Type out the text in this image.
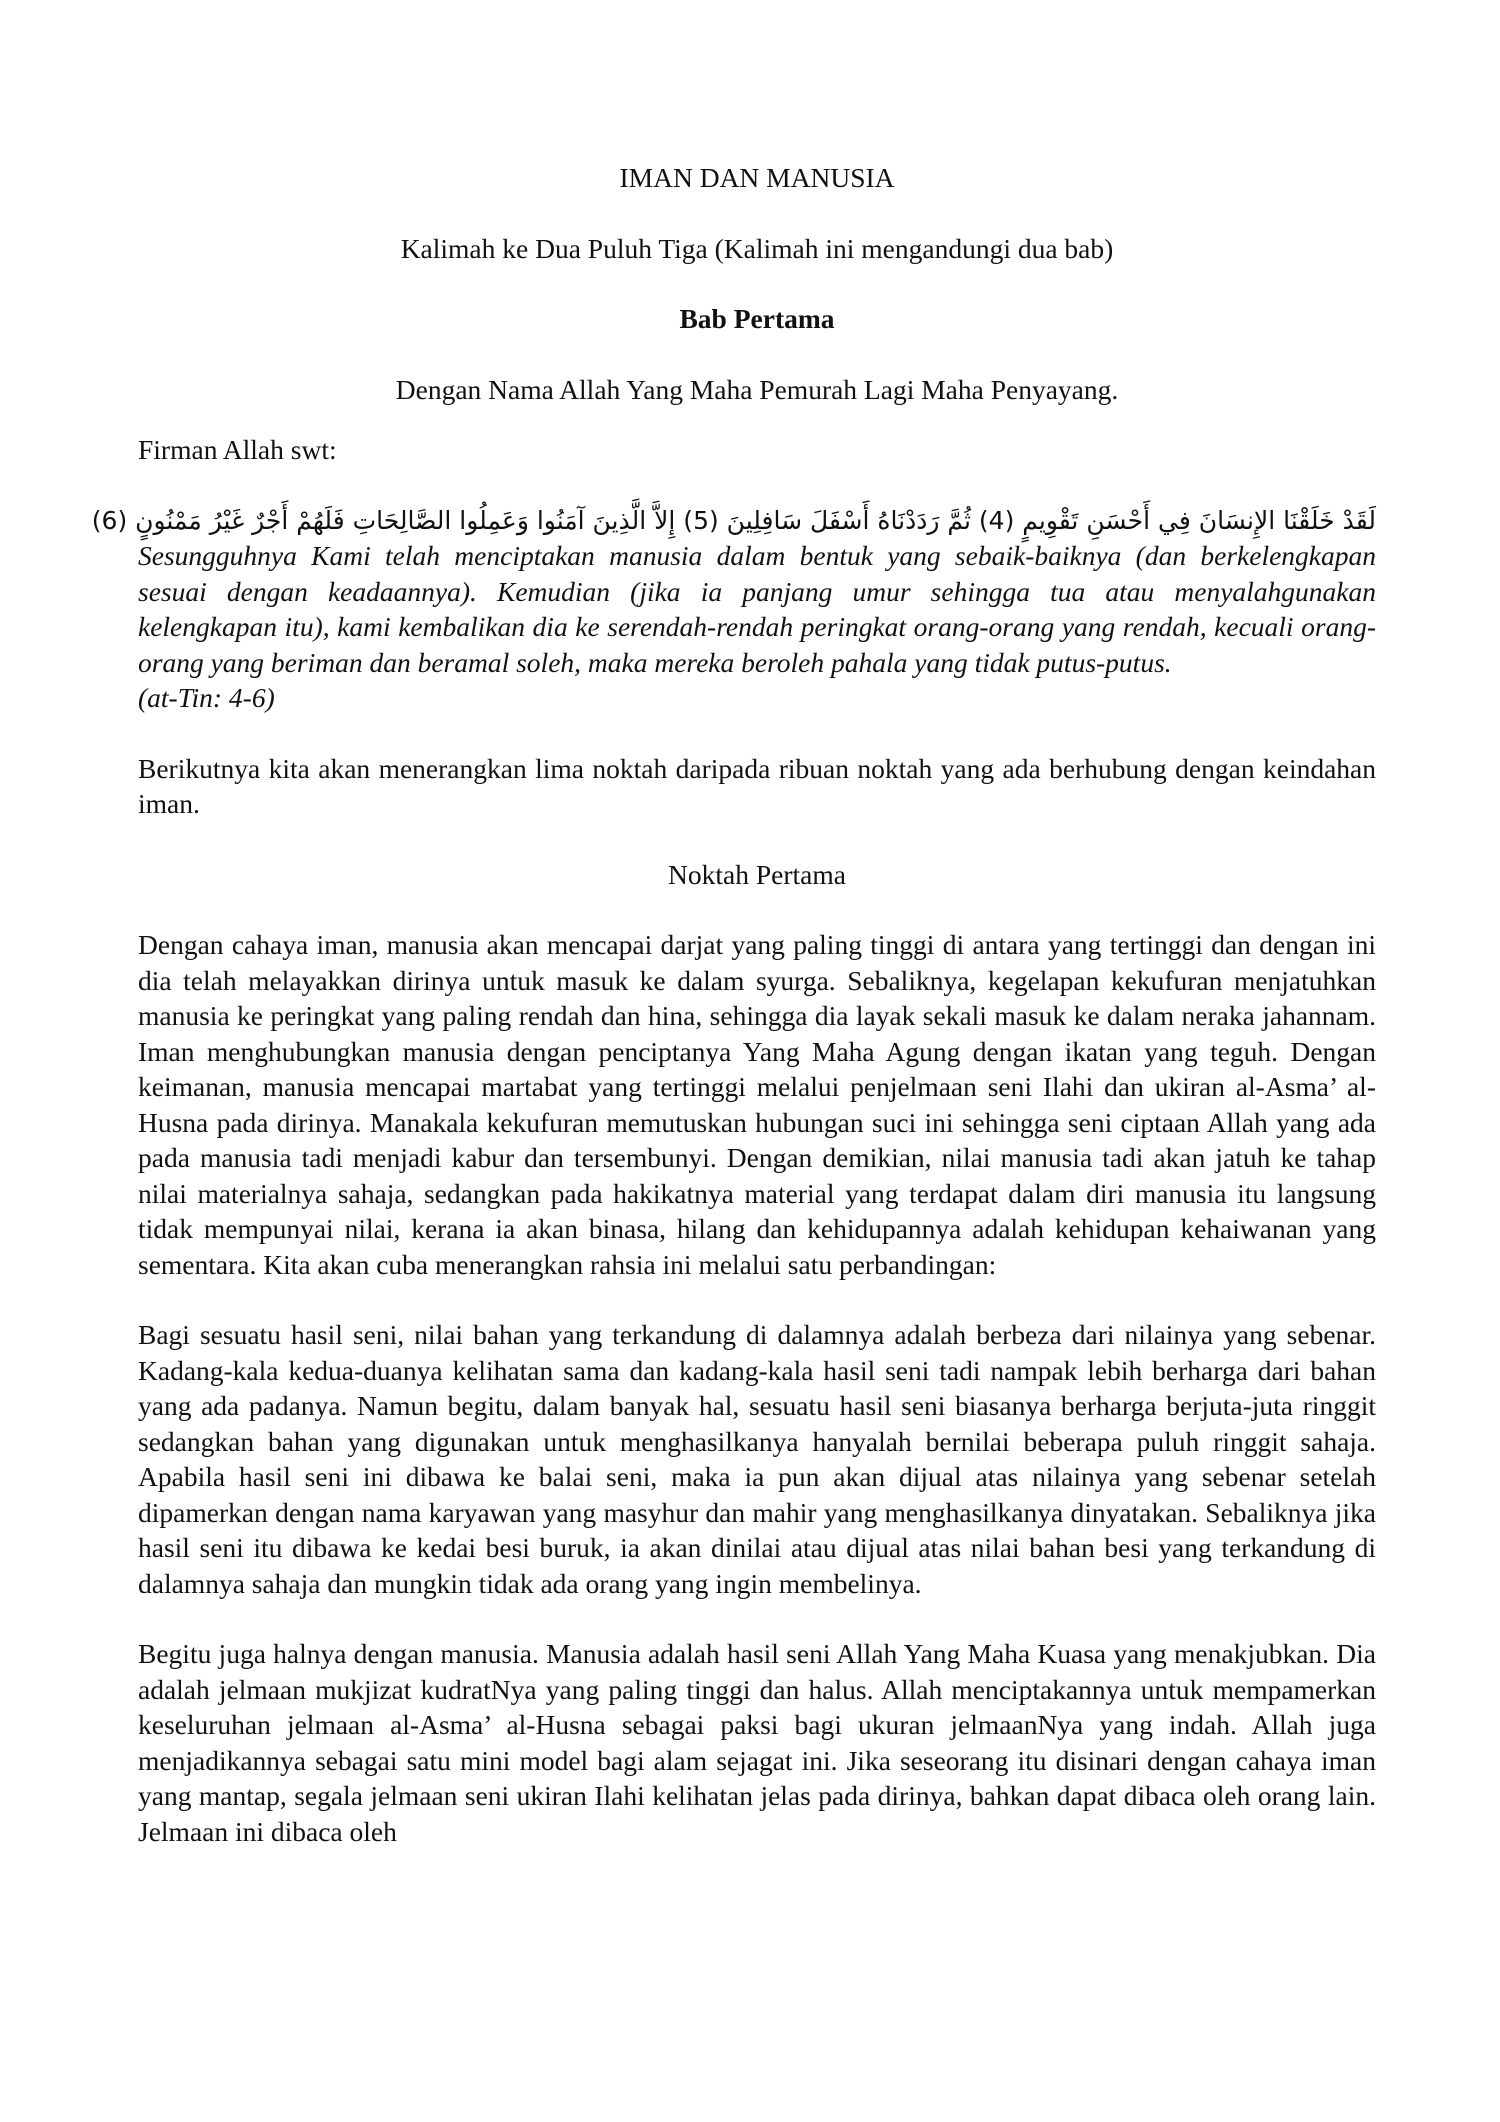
IMAN DAN MANUSIA

Kalimah ke Dua Puluh Tiga (Kalimah ini mengandungi dua bab)

Bab Pertama

Dengan Nama Allah Yang Maha Pemurah Lagi Maha Penyayang.

Firman Allah swt:

لَقَدْ خَلَقْنَا الإِنسَانَ فِي أَحْسَنِ تَقْوِيمٍ (4) ثُمَّ رَدَدْنَاهُ أَسْفَلَ سَافِلِينَ (5) إِلاَّ الَّذِينَ آمَنُوا وَعَمِلُوا الصَّالِحَاتِ فَلَهُمْ أَجْرٌ غَيْرُ مَمْنُونٍ (6)

Sesungguhnya Kami telah menciptakan manusia dalam bentuk yang sebaik-baiknya (dan berkelengkapan sesuai dengan keadaannya). Kemudian (jika ia panjang umur sehingga tua atau menyalahgunakan kelengkapan itu), kami kembalikan dia ke serendah-rendah peringkat orang-orang yang rendah, kecuali orang-orang yang beriman dan beramal soleh, maka mereka beroleh pahala yang tidak putus-putus.

(at-Tin: 4-6)

Berikutnya kita akan menerangkan lima noktah daripada ribuan noktah yang ada berhubung dengan keindahan iman.

Noktah Pertama

Dengan cahaya iman, manusia akan mencapai darjat yang paling tinggi di antara yang tertinggi dan dengan ini dia telah melayakkan dirinya untuk masuk ke dalam syurga. Sebaliknya, kegelapan kekufuran menjatuhkan manusia ke peringkat yang paling rendah dan hina, sehingga dia layak sekali masuk ke dalam neraka jahannam. Iman menghubungkan manusia dengan penciptanya Yang Maha Agung dengan ikatan yang teguh. Dengan keimanan, manusia mencapai martabat yang tertinggi melalui penjelmaan seni Ilahi dan ukiran al-Asma’ al-Husna pada dirinya. Manakala kekufuran memutuskan hubungan suci ini sehingga seni ciptaan Allah yang ada pada manusia tadi menjadi kabur dan tersembunyi. Dengan demikian, nilai manusia tadi akan jatuh ke tahap nilai materialnya sahaja, sedangkan pada hakikatnya material yang terdapat dalam diri manusia itu langsung tidak mempunyai nilai, kerana ia akan binasa, hilang dan kehidupannya adalah kehidupan kehaiwanan yang sementara. Kita akan cuba menerangkan rahsia ini melalui satu perbandingan:

Bagi sesuatu hasil seni, nilai bahan yang terkandung di dalamnya adalah berbeza dari nilainya yang sebenar. Kadang-kala kedua-duanya kelihatan sama dan kadang-kala hasil seni tadi nampak lebih berharga dari bahan yang ada padanya. Namun begitu, dalam banyak hal, sesuatu hasil seni biasanya berharga berjuta-juta ringgit sedangkan bahan yang digunakan untuk menghasilkanya hanyalah bernilai beberapa puluh ringgit sahaja. Apabila hasil seni ini dibawa ke balai seni, maka ia pun akan dijual atas nilainya yang sebenar setelah dipamerkan dengan nama karyawan yang masyhur dan mahir yang menghasilkanya dinyatakan. Sebaliknya jika hasil seni itu dibawa ke kedai besi buruk, ia akan dinilai atau dijual atas nilai bahan besi yang terkandung di dalamnya sahaja dan mungkin tidak ada orang yang ingin membelinya.

Begitu juga halnya dengan manusia. Manusia adalah hasil seni Allah Yang Maha Kuasa yang menakjubkan. Dia adalah jelmaan mukjizat kudratNya yang paling tinggi dan halus. Allah menciptakannya untuk mempamerkan keseluruhan jelmaan al-Asma’ al-Husna sebagai paksi bagi ukuran jelmaanNya yang indah. Allah juga menjadikannya sebagai satu mini model bagi alam sejagat ini. Jika seseorang itu disinari dengan cahaya iman yang mantap, segala jelmaan seni ukiran Ilahi kelihatan jelas pada dirinya, bahkan dapat dibaca oleh orang lain. Jelmaan ini dibaca oleh
